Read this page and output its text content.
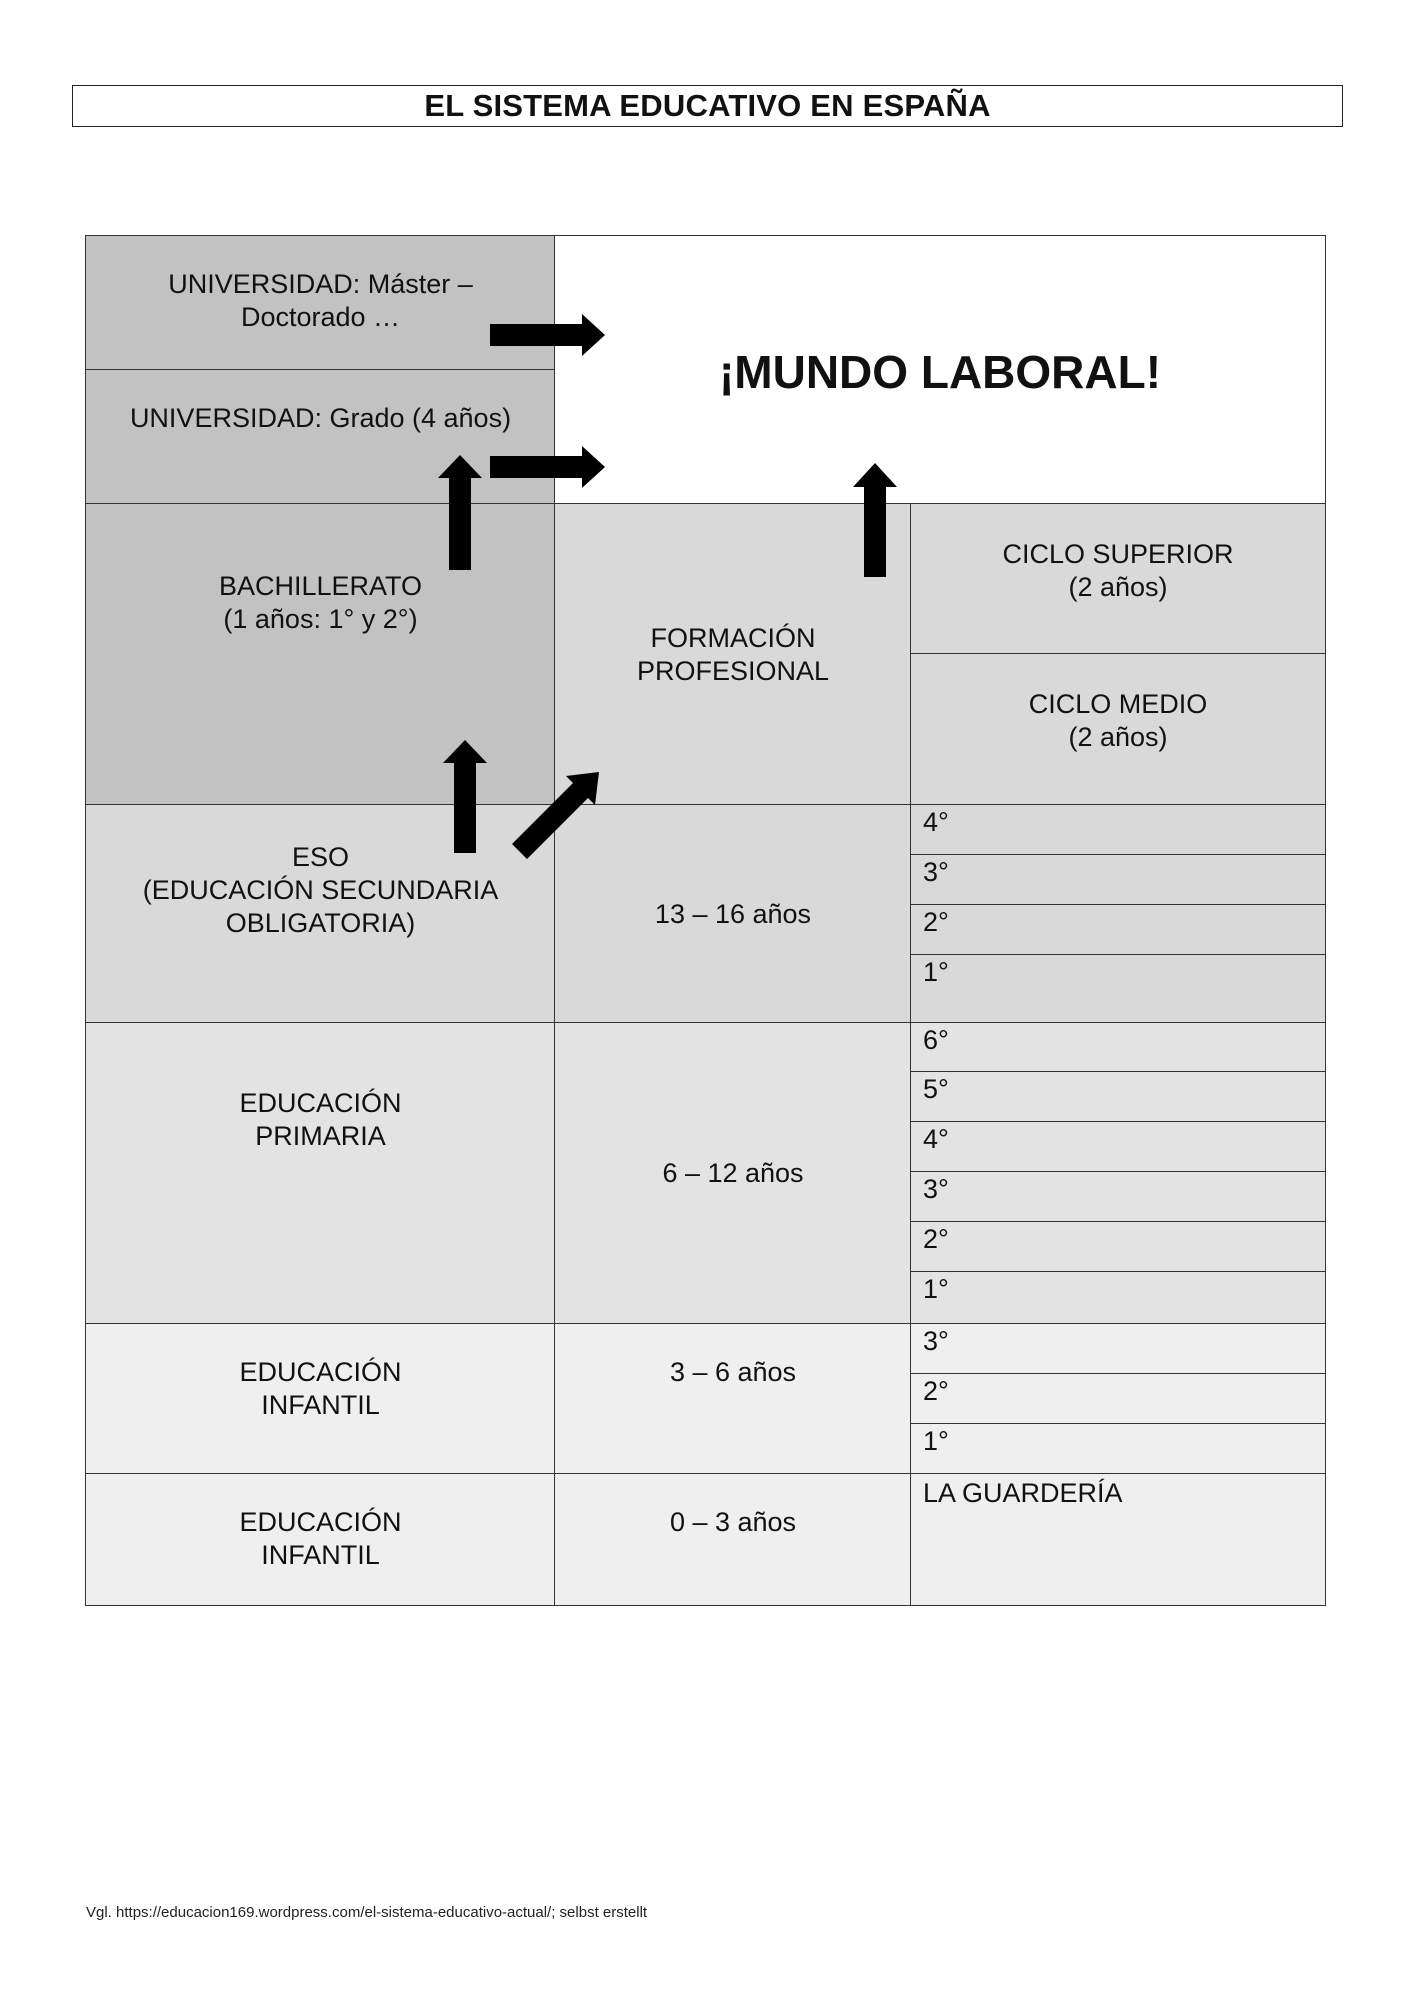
EL SISTEMA EDUCATIVO EN ESPAÑA
UNIVERSIDAD: Máster –
Doctorado …
UNIVERSIDAD: Grado (4 años)
¡MUNDO LABORAL!
BACHILLERATO
(1 años: 1° y 2°)
FORMACIÓN
PROFESIONAL
CICLO SUPERIOR
(2 años)
CICLO MEDIO
(2 años)
ESO
(EDUCACIÓN SECUNDARIA
OBLIGATORIA)	13 – 16 años
4°
3°
2°
1°
EDUCACIÓN
PRIMARIA
6 – 12 años
6°
5°
4°
3°
2°
1°
EDUCACIÓN
INFANTIL
3 – 6 años
3°
2°
1°
EDUCACIÓN
INFANTIL
0 – 3 años
LA GUARDERÍA
Vgl. https://educacion169.wordpress.com/el-sistema-educativo-actual/; selbst erstellt
